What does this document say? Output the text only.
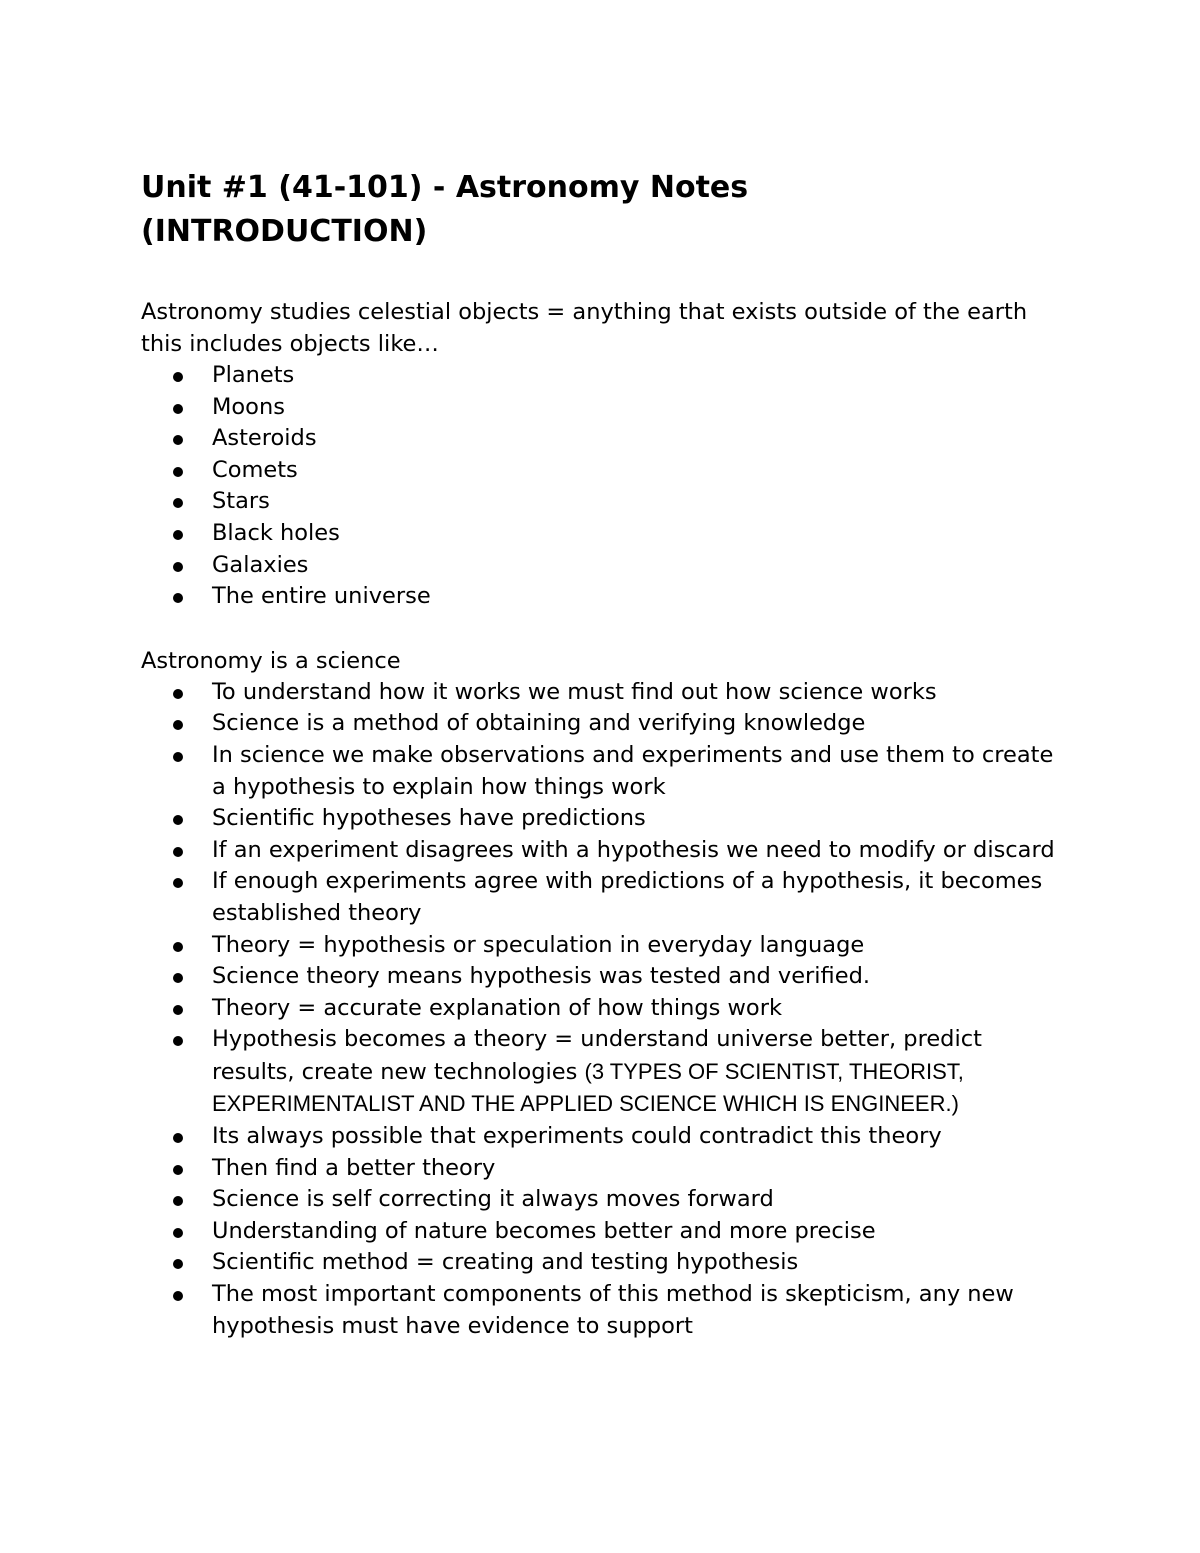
Unit #1 (41-101) - Astronomy Notes
(INTRODUCTION)

Astronomy studies celestial objects = anything that exists outside of the earth this includes objects like…

Planets
Moons
Asteroids
Comets
Stars
Black holes
Galaxies
The entire universe

Astronomy is a science

To understand how it works we must find out how science works
Science is a method of obtaining and verifying knowledge
In science we make observations and experiments and use them to create a hypothesis to explain how things work
Scientific hypotheses have predictions
If an experiment disagrees with a hypothesis we need to modify or discard
If enough experiments agree with predictions of a hypothesis, it becomes established theory
Theory = hypothesis or speculation in everyday language
Science theory means hypothesis was tested and verified.
Theory = accurate explanation of how things work
Hypothesis becomes a theory = understand universe better, predict results, create new technologies (3 TYPES OF SCIENTIST, THEORIST, EXPERIMENTALIST AND THE APPLIED SCIENCE WHICH IS ENGINEER.)
Its always possible that experiments could contradict this theory
Then find a better theory
Science is self correcting it always moves forward
Understanding of nature becomes better and more precise
Scientific method = creating and testing hypothesis
The most important components of this method is skepticism, any new hypothesis must have evidence to support
